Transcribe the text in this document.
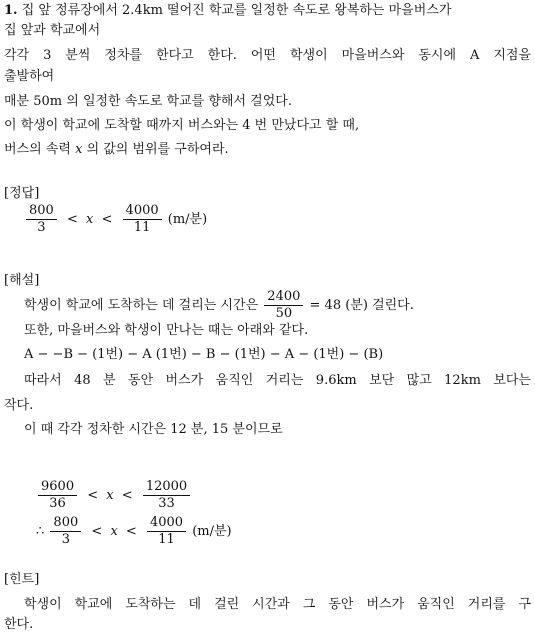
1. 집 앞 정류장에서 2.4km 떨어진 학교를 일정한 속도로 왕복하는 마을버스가
집 앞과 학교에서
각각 3 분씩 정차를 한다고 한다. 어떤 학생이 마을버스와 동시에 A 지점을
출발하여
매분 50m 의 일정한 속도로 학교를 향해서 걸었다.
이 학생이 학교에 도착할 때까지 버스와는 4 번 만났다고 할 때,
버스의 속력 x 의 값의 범위를 구하여라.
[정답]
$\frac{800}{3} < x < \frac{4000}{11} (m/$분)
[해설]
학생이 학교에 도착하는 데 걸리는 시간은 $\frac{2400}{50} = 48$ (분) 걸린다.
또한, 마을버스와 학생이 만나는 때는 아래와 같다.
A − −B − (1번) − A (1번) − B − (1번) − A − (1번) − (B)
따라서 48 분 동안 버스가 움직인 거리는 9.6km 보단 많고 12km 보다는
작다.
이 때 각각 정차한 시간은 12 분, 15 분이므로
$\frac{9600}{36} < x < \frac{12000}{33}$
∴ $\frac{800}{3} < x < \frac{4000}{11} (m/$분)
[힌트]
학생이 학교에 도착하는 데 걸린 시간과 그 동안 버스가 움직인 거리를 구
한다.
